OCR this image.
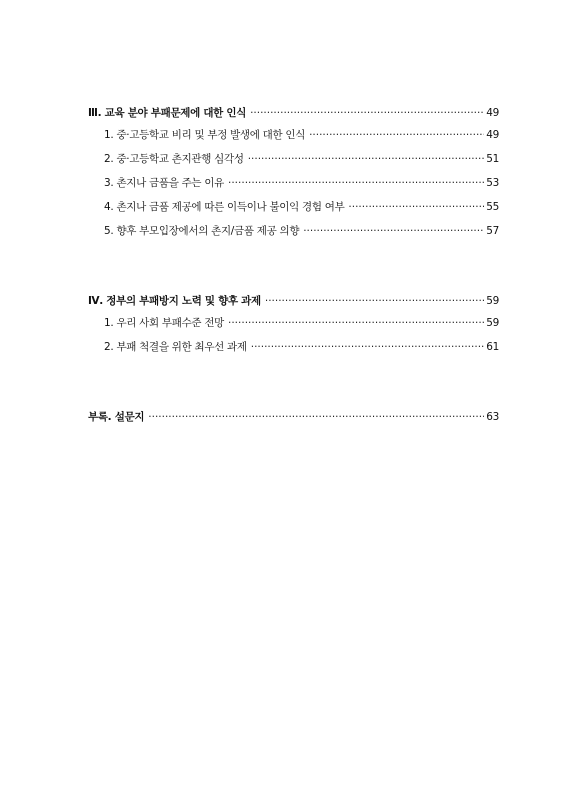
Ⅲ. 교육 분야 부패문제에 대한 인식 ·····	49
1. 중·고등학교 비리 및 부정 발생에 대한 인식 ·····	49
2. 중·고등학교 촌지관행 심각성 ·····	51
3. 촌지나 금품을 주는 이유 ·····	53
4. 촌지나 금품 제공에 따른 이득이나 불이익 경험 여부 ·····	55
5. 향후 부모입장에서의 촌지/금품 제공 의향 ·····	57
Ⅳ. 정부의 부패방지 노력 및 향후 과제 ·····	59
1. 우리 사회 부패수준 전망 ·····	59
2. 부패 척결을 위한 최우선 과제 ·····	61
부록. 설문지 ·····	63
